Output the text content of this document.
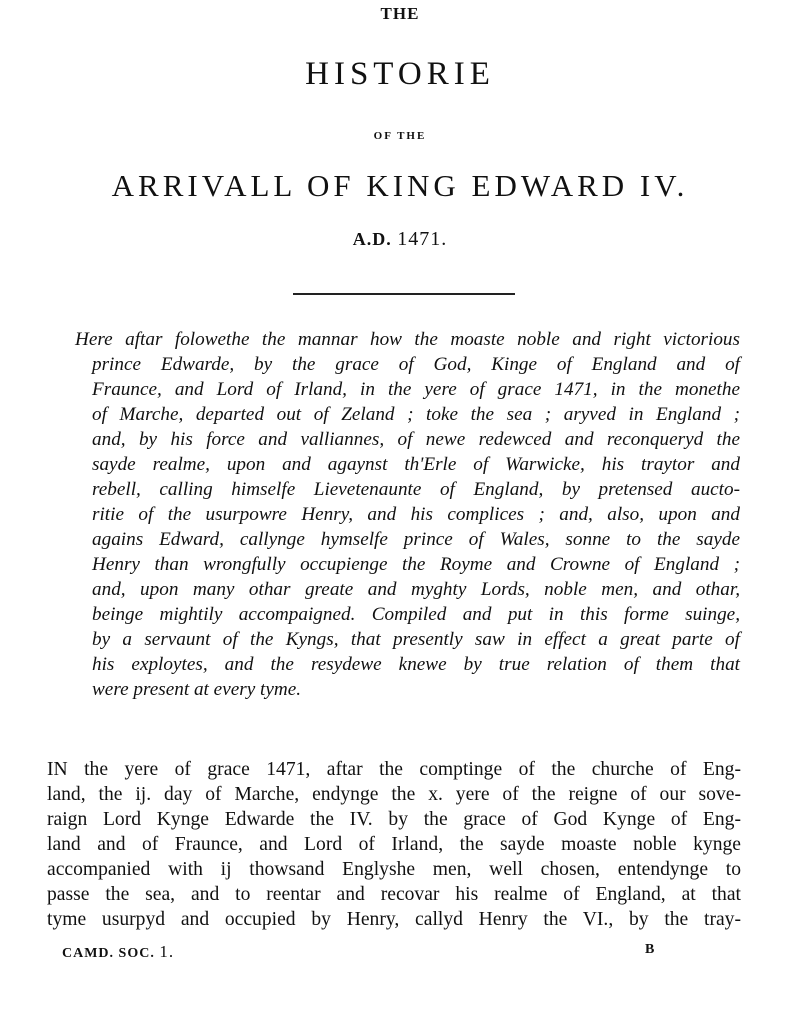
THE
HISTORIE
OF THE
ARRIVALL OF KING EDWARD IV.
A.D. 1471.
Here aftar folowethe the mannar how the moaste noble and right victorious
prince Edwarde, by the grace of God, Kinge of England and of
Fraunce, and Lord of Irland, in the yere of grace 1471, in the monethe
of Marche, departed out of Zeland ; toke the sea ; aryved in England ;
and, by his force and valliannes, of newe redewced and reconqueryd the
sayde realme, upon and agaynst th'Erle of Warwicke, his traytor and
rebell, calling himselfe Lievetenaunte of England, by pretensed aucto-
ritie of the usurpowre Henry, and his complices ; and, also, upon and
agains Edward, callynge hymselfe prince of Wales, sonne to the sayde
Henry than wrongfully occupienge the Royme and Crowne of England ;
and, upon many othar greate and myghty Lords, noble men, and othar,
beinge mightily accompaigned. Compiled and put in this forme suinge,
by a servaunt of the Kyngs, that presently saw in effect a great parte of
his exploytes, and the resydewe knewe by true relation of them that
were present at every tyme.
IN the yere of grace 1471, aftar the comptinge of the churche of Eng-
land, the ij. day of Marche, endynge the x. yere of the reigne of our sove-
raign Lord Kynge Edwarde the IV. by the grace of God Kynge of Eng-
land and of Fraunce, and Lord of Irland, the sayde moaste noble kynge
accompanied with ij thowsand Englyshe men, well chosen, entendynge to
passe the sea, and to reentar and recovar his realme of England, at that
tyme usurpyd and occupied by Henry, callyd Henry the VI., by the tray-
CAMD. SOC. 1.	B
